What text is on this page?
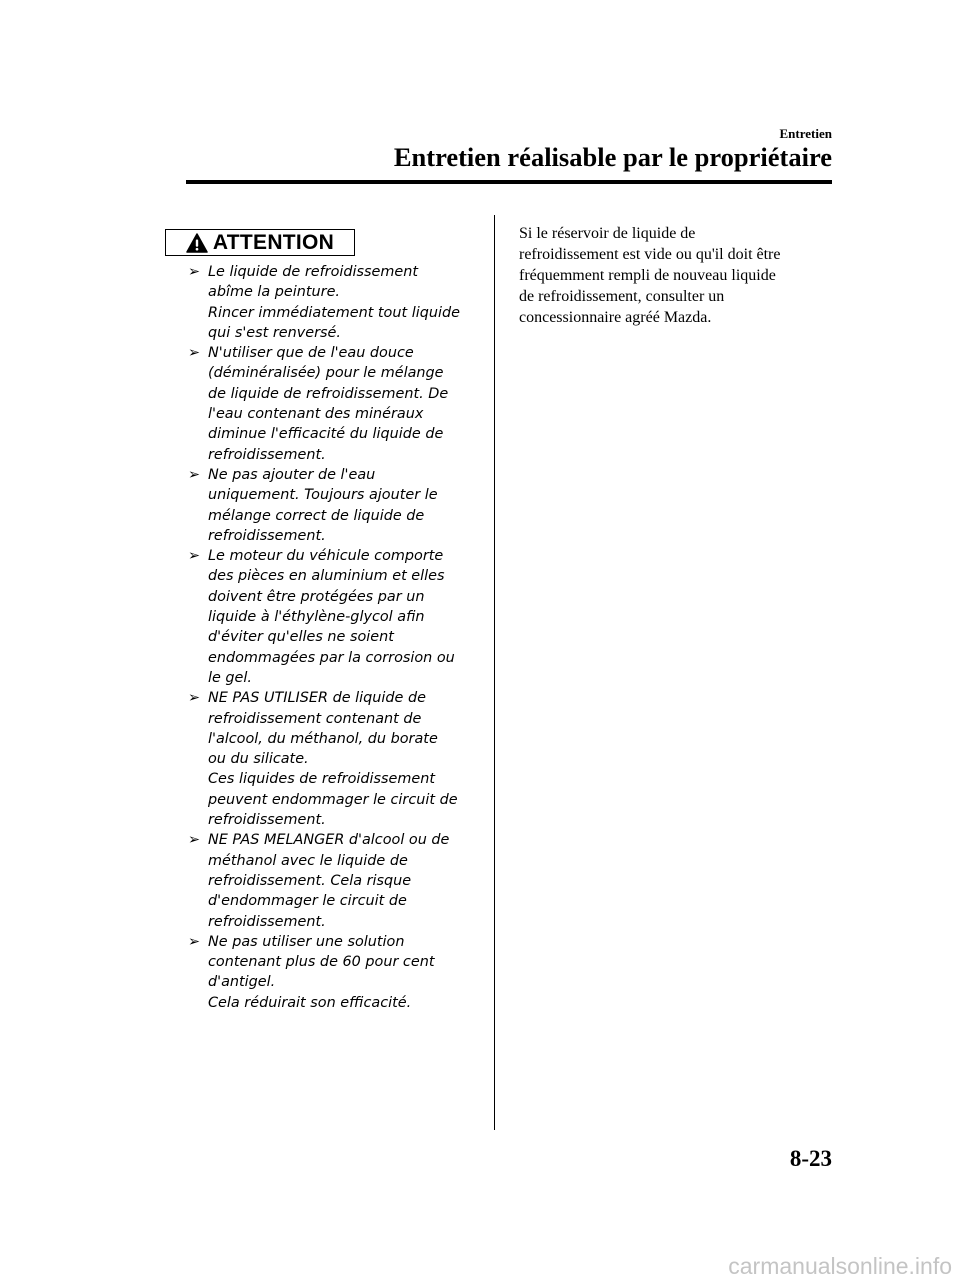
Entretien
Entretien réalisable par le propriétaire
ATTENTION
➢ Le liquide de refroidissement
abîme la peinture.
Rincer immédiatement tout liquide
qui s'est renversé.
➢ N'utiliser que de l'eau douce
(déminéralisée) pour le mélange
de liquide de refroidissement. De
l'eau contenant des minéraux
diminue l'efficacité du liquide de
refroidissement.
➢ Ne pas ajouter de l'eau
uniquement. Toujours ajouter le
mélange correct de liquide de
refroidissement.
➢ Le moteur du véhicule comporte
des pièces en aluminium et elles
doivent être protégées par un
liquide à l'éthylène-glycol afin
d'éviter qu'elles ne soient
endommagées par la corrosion ou
le gel.
➢ NE PAS UTILISER de liquide de
refroidissement contenant de
l'alcool, du méthanol, du borate
ou du silicate.
Ces liquides de refroidissement
peuvent endommager le circuit de
refroidissement.
➢ NE PAS MELANGER d'alcool ou de
méthanol avec le liquide de
refroidissement. Cela risque
d'endommager le circuit de
refroidissement.
➢ Ne pas utiliser une solution
contenant plus de 60 pour cent
d'antigel.
Cela réduirait son efficacité.
Si le réservoir de liquide de
refroidissement est vide ou qu'il doit être
fréquemment rempli de nouveau liquide
de refroidissement, consulter un
concessionnaire agréé Mazda.
8-23
carmanualsonline.info
